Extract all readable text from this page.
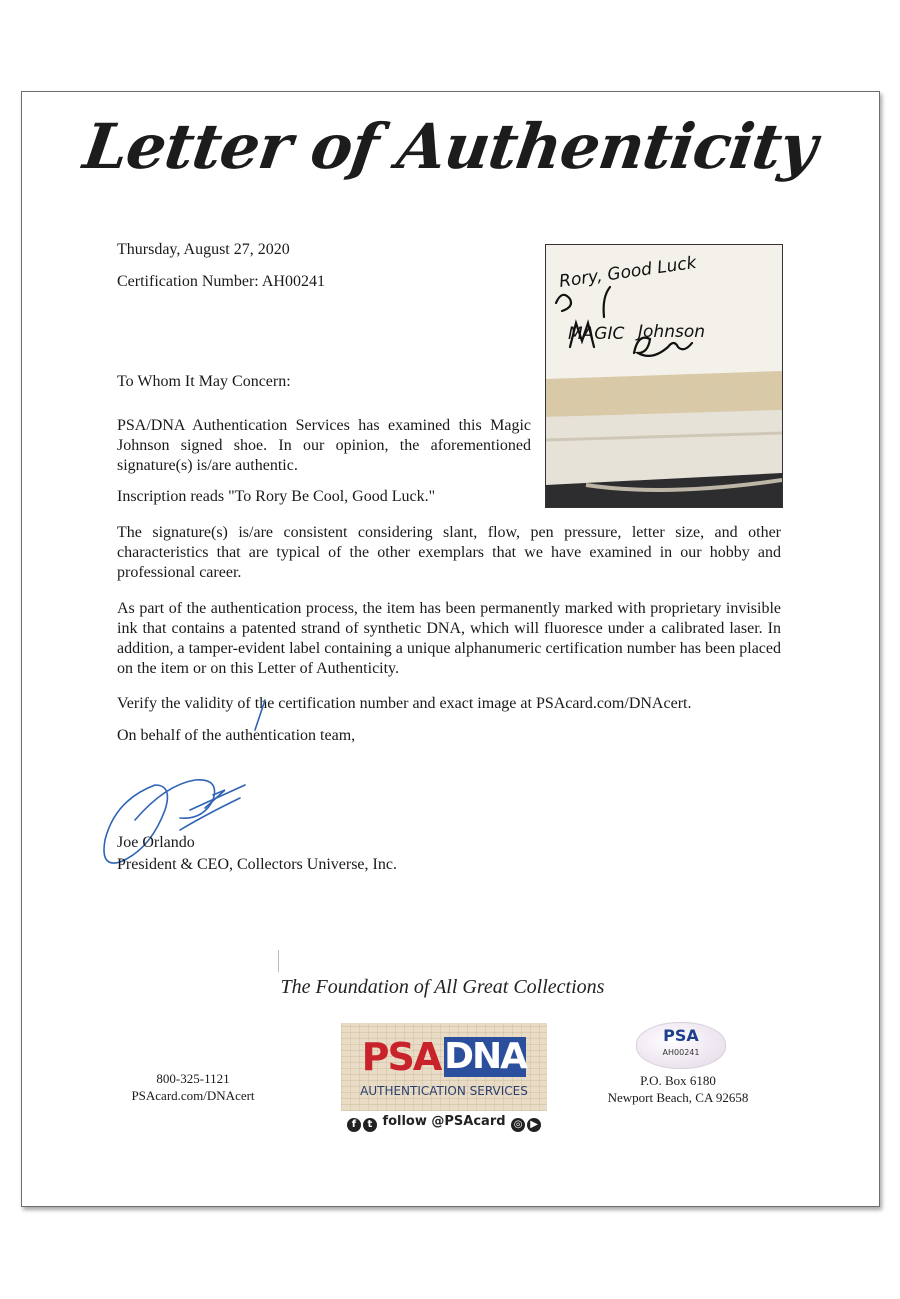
Letter of Authenticity
Thursday, August 27, 2020
Certification Number: AH00241	Rory, Good Luck
MAGIC Johnson
To Whom It May Concern:
PSA/DNA Authentication Services has examined this Magic Johnson signed shoe. In our opinion, the aforementioned signature(s) is/are authentic.
Inscription reads "To Rory Be Cool, Good Luck."
The signature(s) is/are consistent considering slant, flow, pen pressure, letter size, and other characteristics that are typical of the other exemplars that we have examined in our hobby and professional career.
As part of the authentication process, the item has been permanently marked with proprietary invisible ink that contains a patented strand of synthetic DNA, which will fluoresce under a calibrated laser. In addition, a tamper-evident label containing a unique alphanumeric certification number has been placed on the item or on this Letter of Authenticity.
Verify the validity of the certification number and exact image at PSAcard.com/DNAcert.
On behalf of the authentication team,
Joe Orlando
President & CEO, Collectors Universe, Inc.
The Foundation of All Great Collections
800-325-1121
PSAcard.com/DNAcert
PSA DNA
AUTHENTICATION SERVICES
f t follow @PSAcard ◎ ▶
PSA
AH00241
P.O. Box 6180
Newport Beach, CA 92658
